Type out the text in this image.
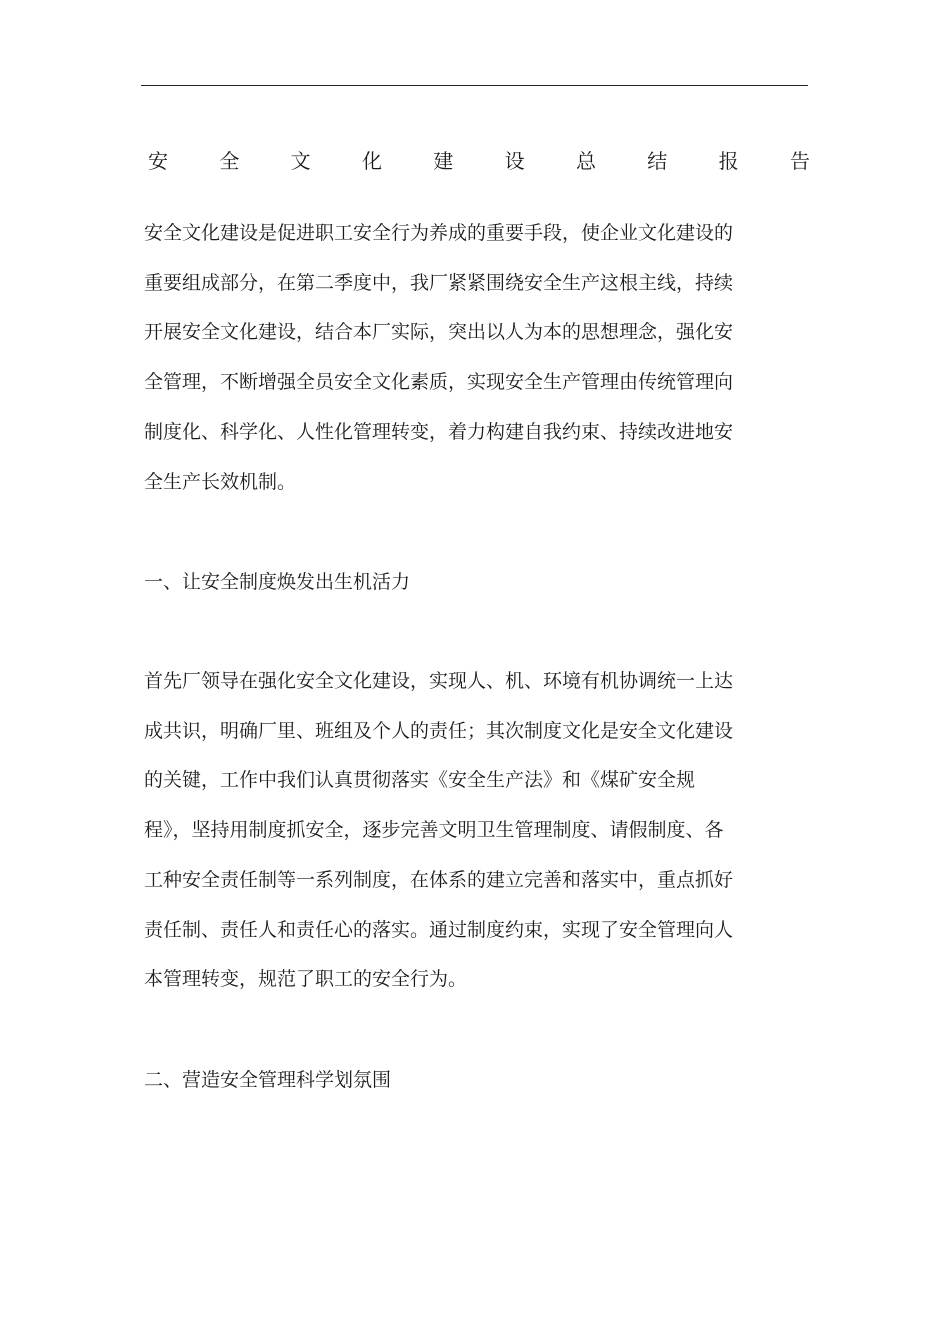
安	全	文	化	建	设	总	结	报	告

安全文化建设是促进职工安全行为养成的重要手段，使企业文化建设的
重要组成部分，在第二季度中，我厂紧紧围绕安全生产这根主线，持续
开展安全文化建设，结合本厂实际，突出以人为本的思想理念，强化安
全管理，不断增强全员安全文化素质，实现安全生产管理由传统管理向
制度化、科学化、人性化管理转变，着力构建自我约束、持续改进地安
全生产长效机制。

一、让安全制度焕发出生机活力

首先厂领导在强化安全文化建设，实现人、机、环境有机协调统一上达
成共识，明确厂里、班组及个人的责任；其次制度文化是安全文化建设
的关键，工作中我们认真贯彻落实《安全生产法》和《煤矿安全规
程》，坚持用制度抓安全，逐步完善文明卫生管理制度、请假制度、各
工种安全责任制等一系列制度，在体系的建立完善和落实中，重点抓好
责任制、责任人和责任心的落实。通过制度约束，实现了安全管理向人
本管理转变，规范了职工的安全行为。

二、营造安全管理科学划氛围
